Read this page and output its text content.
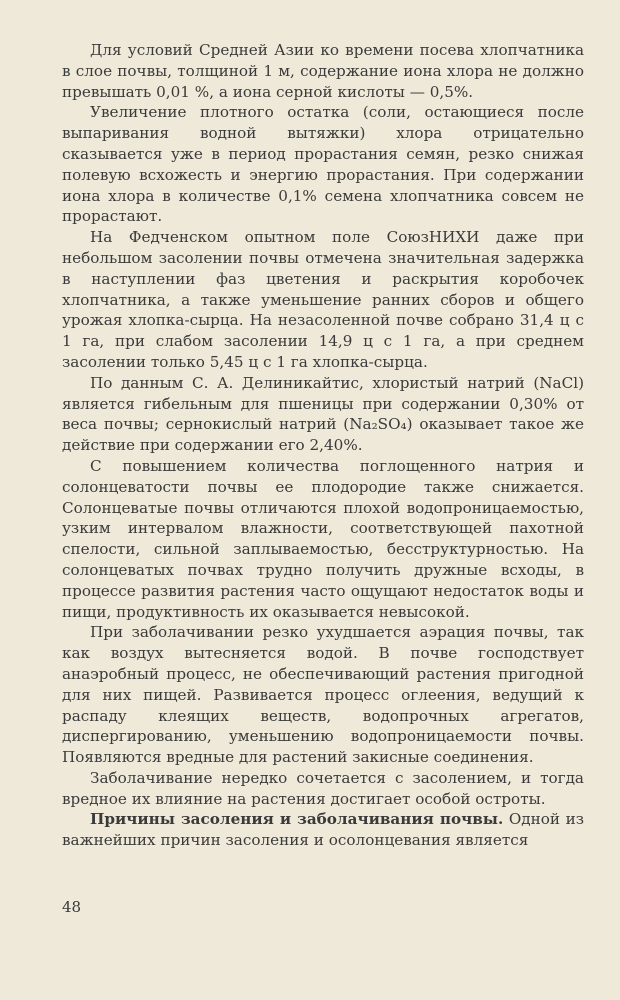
Для условий Средней Азии ко времени посева хлопчатника в слое почвы, толщиной 1 м, содержание иона хлора не должно превышать 0,01 %, а иона серной кислоты — 0,5%.

Увеличение плотного остатка (соли, остающиеся после выпаривания водной вытяжки) хлора отрицательно сказывается уже в период прорастания семян, резко снижая полевую всхожесть и энергию прорастания. При содержании иона хлора в количестве 0,1% семена хлопчатника совсем не прорастают.

На Федченском опытном поле СоюзНИХИ даже при небольшом засолении почвы отмечена значительная задержка в наступлении фаз цветения и раскрытия коробочек хлопчатника, а также уменьшение ранних сборов и общего урожая хлопка-сырца. На незасоленной почве собрано 31,4 ц с 1 га, при слабом засолении 14,9 ц с 1 га, а при среднем засолении только 5,45 ц с 1 га хлопка-сырца.

По данным С. А. Делиникайтис, хлористый натрий (NaCl) является гибельным для пшеницы при содержании 0,30% от веса почвы; сернокислый натрий (Na₂SO₄) оказывает такое же действие при содержании его 2,40%.

С повышением количества поглощенного натрия и солонцеватости почвы ее плодородие также снижается. Солонцеватые почвы отличаются плохой водопроницаемостью, узким интервалом влажности, соответствующей пахотной спелости, сильной заплываемостью, бесструктурностью. На солонцеватых почвах трудно получить дружные всходы, в процессе развития растения часто ощущают недостаток воды и пищи, продуктивность их оказывается невысокой.

При заболачивании резко ухудшается аэрация почвы, так как воздух вытесняется водой. В почве господствует анаэробный процесс, не обеспечивающий растения пригодной для них пищей. Развивается процесс оглеения, ведущий к распаду клеящих веществ, водопрочных агрегатов, диспергированию, уменьшению водопроницаемости почвы. Появляются вредные для растений закисные соединения.

Заболачивание нередко сочетается с засолением, и тогда вредное их влияние на растения достигает особой остроты.

Причины засоления и заболачивания почвы. Одной из важнейших причин засоления и осолонцевания является

48
